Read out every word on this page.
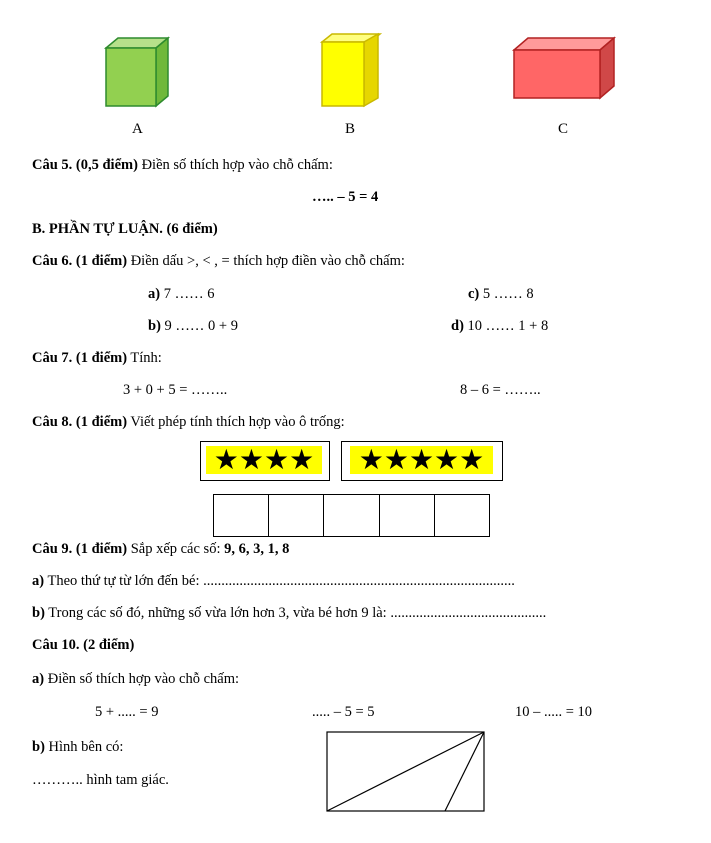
A	B	C
Câu 5. (0,5 điểm) Điền số thích hợp vào chỗ chấm:
….. – 5 = 4
B. PHẦN TỰ LUẬN. (6 điểm)
Câu 6. (1 điểm) Điền dấu >, < , = thích hợp điền vào chỗ chấm:
a) 7 …… 6	c) 5 …… 8
b) 9 …… 0 + 9	d) 10 …… 1 + 8
Câu 7. (1 điểm) Tính:
3 + 0 + 5 = ……..	8 – 6 = ……..
Câu 8. (1 điểm) Viết phép tính thích hợp vào ô trống:
★★★★	★★★★★
Câu 9. (1 điểm) Sắp xếp các số: 9, 6, 3, 1, 8
a) Theo thứ tự từ lớn đến bé: ......................................................................................
b) Trong các số đó, những số vừa lớn hơn 3, vừa bé hơn 9 là: ...........................................
Câu 10. (2 điểm)
a) Điền số thích hợp vào chỗ chấm:
5 + ..... = 9	..... – 5 = 5	10 – ..... = 10
b) Hình bên có:
……….. hình tam giác.
